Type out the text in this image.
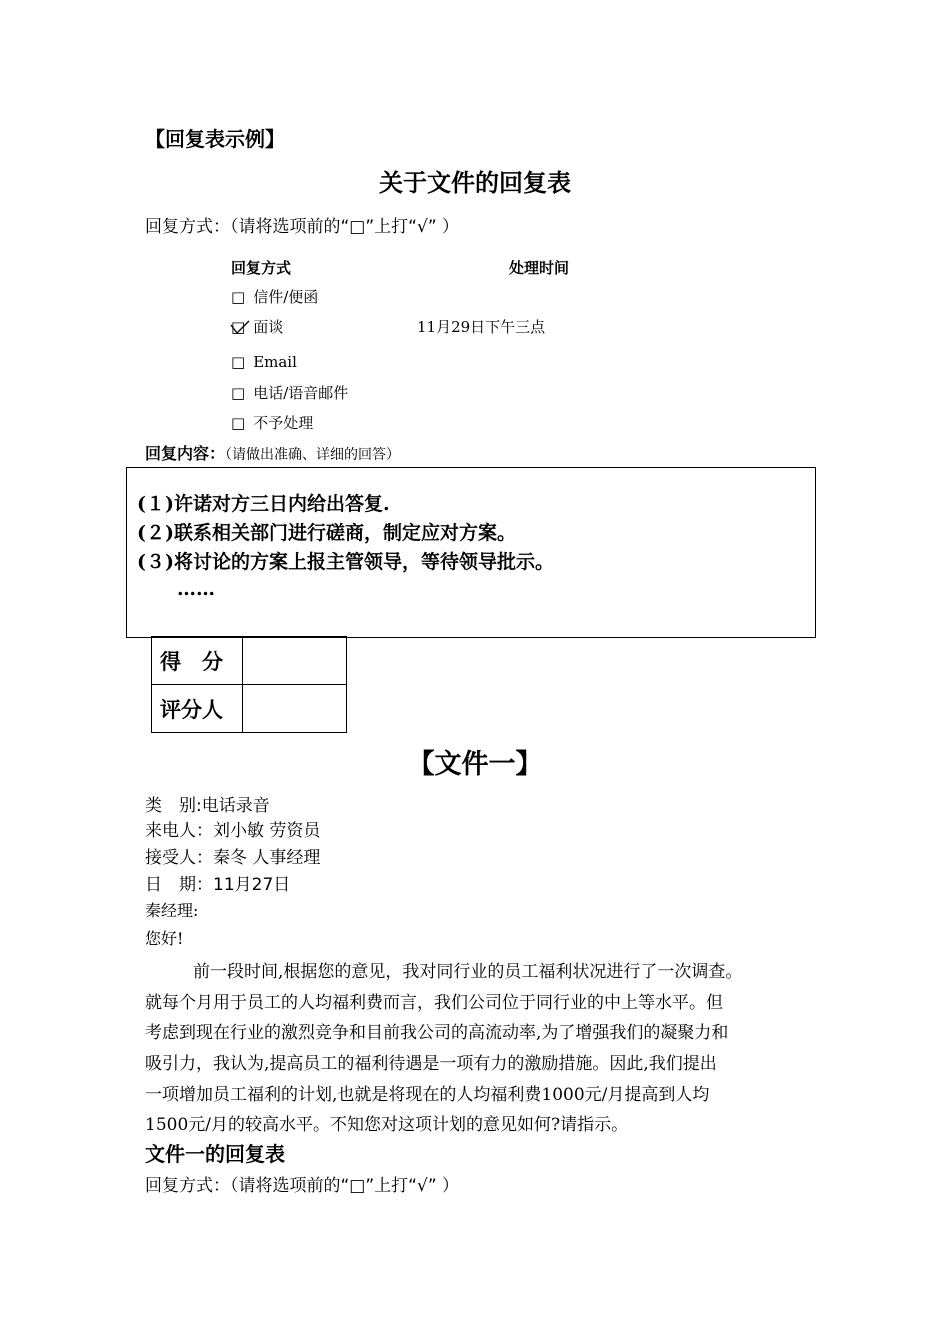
【回复表示例】
关于文件的回复表
回复方式：（请将选项前的“□”上打“√” ）
回复方式	处理时间
□ 信件/便函
□ 面谈	11月29日下午三点
□ Email
□ 电话/语音邮件
□ 不予处理
回复内容：（请做出准确、详细的回答）
(１)许诺对方三日内给出答复.
(２)联系相关部门进行磋商，制定应对方案。
(３)将讨论的方案上报主管领导，等待领导批示。
……
得　分	
评分人	
【文件一】
类　别:电话录音
来电人：刘小敏 劳资员
接受人：秦冬 人事经理
日　期：11月27日
秦经理:
您好!
前一段时间,根据您的意见，我对同行业的员工福利状况进行了一次调查。
就每个月用于员工的人均福利费而言，我们公司位于同行业的中上等水平。但
考虑到现在行业的激烈竞争和目前我公司的高流动率,为了增强我们的凝聚力和
吸引力，我认为,提高员工的福利待遇是一项有力的激励措施。因此,我们提出
一项增加员工福利的计划,也就是将现在的人均福利费1000元/月提高到人均
1500元/月的较高水平。不知您对这项计划的意见如何?请指示。
文件一的回复表
回复方式：（请将选项前的“□”上打“√” ）
